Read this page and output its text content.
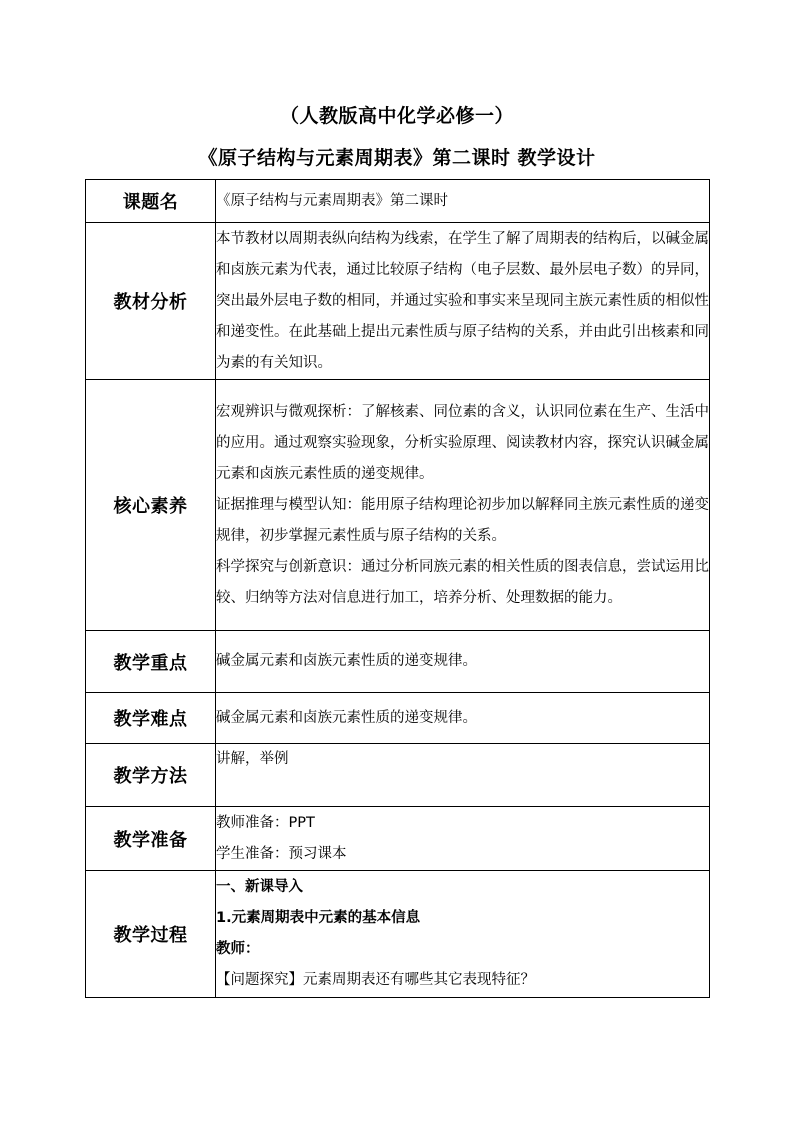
（人教版高中化学必修一）
《原子结构与元素周期表》第二课时 教学设计
课题名	《原子结构与元素周期表》第二课时
教材分析	本节教材以周期表纵向结构为线索，在学生了解了周期表的结构后，以碱金属和卤族元素为代表，通过比较原子结构（电子层数、最外层电子数）的异同，突出最外层电子数的相同，并通过实验和事实来呈现同主族元素性质的相似性和递变性。在此基础上提出元素性质与原子结构的关系，并由此引出核素和同为素的有关知识。
核心素养	宏观辨识与微观探析：了解核素、同位素的含义，认识同位素在生产、生活中的应用。通过观察实验现象，分析实验原理、阅读教材内容，探究认识碱金属元素和卤族元素性质的递变规律。
证据推理与模型认知：能用原子结构理论初步加以解释同主族元素性质的递变规律，初步掌握元素性质与原子结构的关系。
科学探究与创新意识：通过分析同族元素的相关性质的图表信息，尝试运用比较、归纳等方法对信息进行加工，培养分析、处理数据的能力。

教学重点	碱金属元素和卤族元素性质的递变规律。
教学难点	碱金属元素和卤族元素性质的递变规律。
教学方法	讲解，举例
教学准备	教师准备：PPT
学生准备：预习课本

教学过程	一、新课导入
1.元素周期表中元素的基本信息
教师：
【问题探究】元素周期表还有哪些其它表现特征？
